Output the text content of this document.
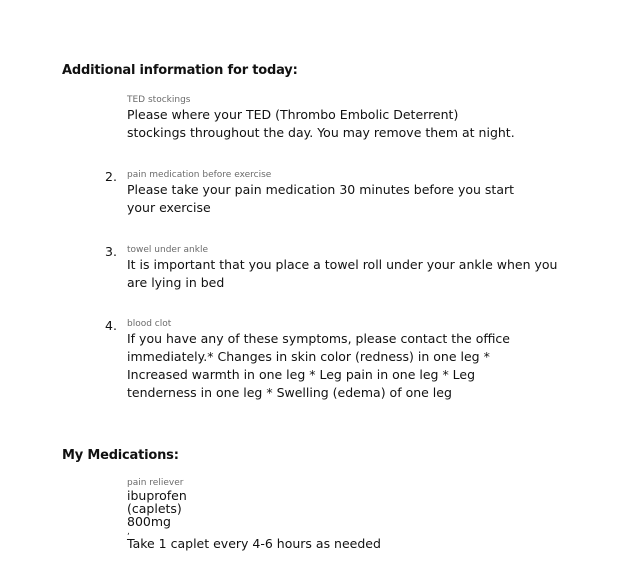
Additional information for today:
TED stockings
Please where your TED (Thrombo Embolic Deterrent) stockings throughout the day. You may remove them at night.
2. pain medication before exercise
Please take your pain medication 30 minutes before you start your exercise
3. towel under ankle
It is important that you place a towel roll under your ankle when you are lying in bed
4. blood clot
If you have any of these symptoms, please contact the office immediately.* Changes in skin color (redness) in one leg * Increased warmth in one leg * Leg pain in one leg * Leg tenderness in one leg * Swelling (edema) of one leg
My Medications:
pain reliever
ibuprofen
(caplets)
800mg
,
Take 1 caplet every 4-6 hours as needed
